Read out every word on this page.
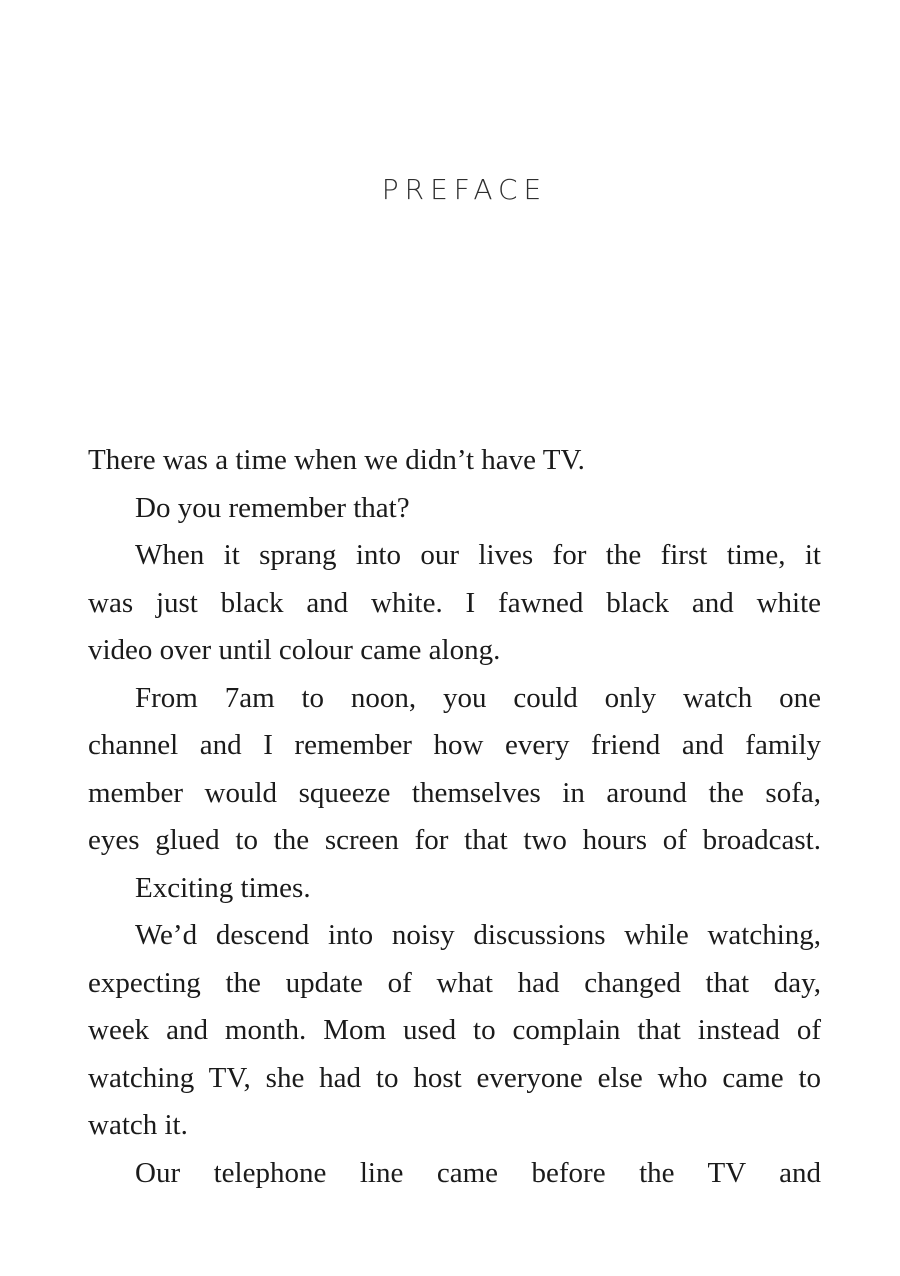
PREFACE
There was a time when we didn’t have TV.
Do you remember that?
When it sprang into our lives for the first time, it
was just black and white. I fawned black and white
video over until colour came along.
From 7am to noon, you could only watch one
channel and I remember how every friend and family
member would squeeze themselves in around the sofa,
eyes glued to the screen for that two hours of broadcast.
Exciting times.
We’d descend into noisy discussions while watching,
expecting the update of what had changed that day,
week and month. Mom used to complain that instead of
watching TV, she had to host everyone else who came to
watch it.
Our telephone line came before the TV and
